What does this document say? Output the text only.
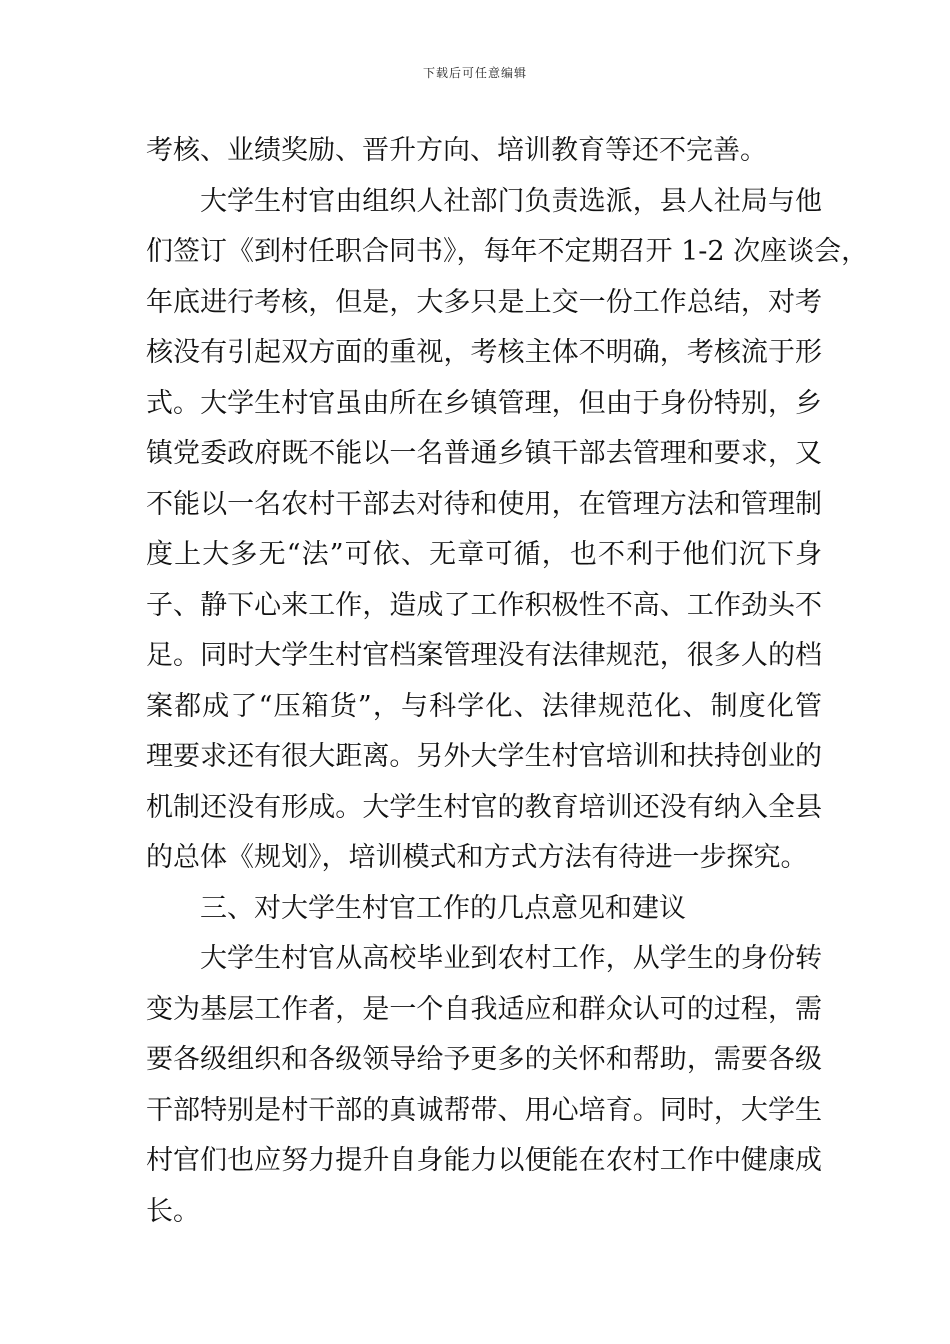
下载后可任意编辑
考核、业绩奖励、晋升方向、培训教育等还不完善。
大学生村官由组织人社部门负责选派，县人社局与他
们签订《到村任职合同书》，每年不定期召开 1-2 次座谈会，
年底进行考核，但是，大多只是上交一份工作总结，对考
核没有引起双方面的重视，考核主体不明确，考核流于形
式。大学生村官虽由所在乡镇管理，但由于身份特别，乡
镇党委政府既不能以一名普通乡镇干部去管理和要求，又
不能以一名农村干部去对待和使用，在管理方法和管理制
度上大多无“法”可依、无章可循，也不利于他们沉下身
子、静下心来工作，造成了工作积极性不高、工作劲头不
足。同时大学生村官档案管理没有法律规范，很多人的档
案都成了“压箱货”，与科学化、法律规范化、制度化管
理要求还有很大距离。另外大学生村官培训和扶持创业的
机制还没有形成。大学生村官的教育培训还没有纳入全县
的总体《规划》，培训模式和方式方法有待进一步探究。
三、对大学生村官工作的几点意见和建议
大学生村官从高校毕业到农村工作，从学生的身份转
变为基层工作者，是一个自我适应和群众认可的过程，需
要各级组织和各级领导给予更多的关怀和帮助，需要各级
干部特别是村干部的真诚帮带、用心培育。同时，大学生
村官们也应努力提升自身能力以便能在农村工作中健康成
长。
